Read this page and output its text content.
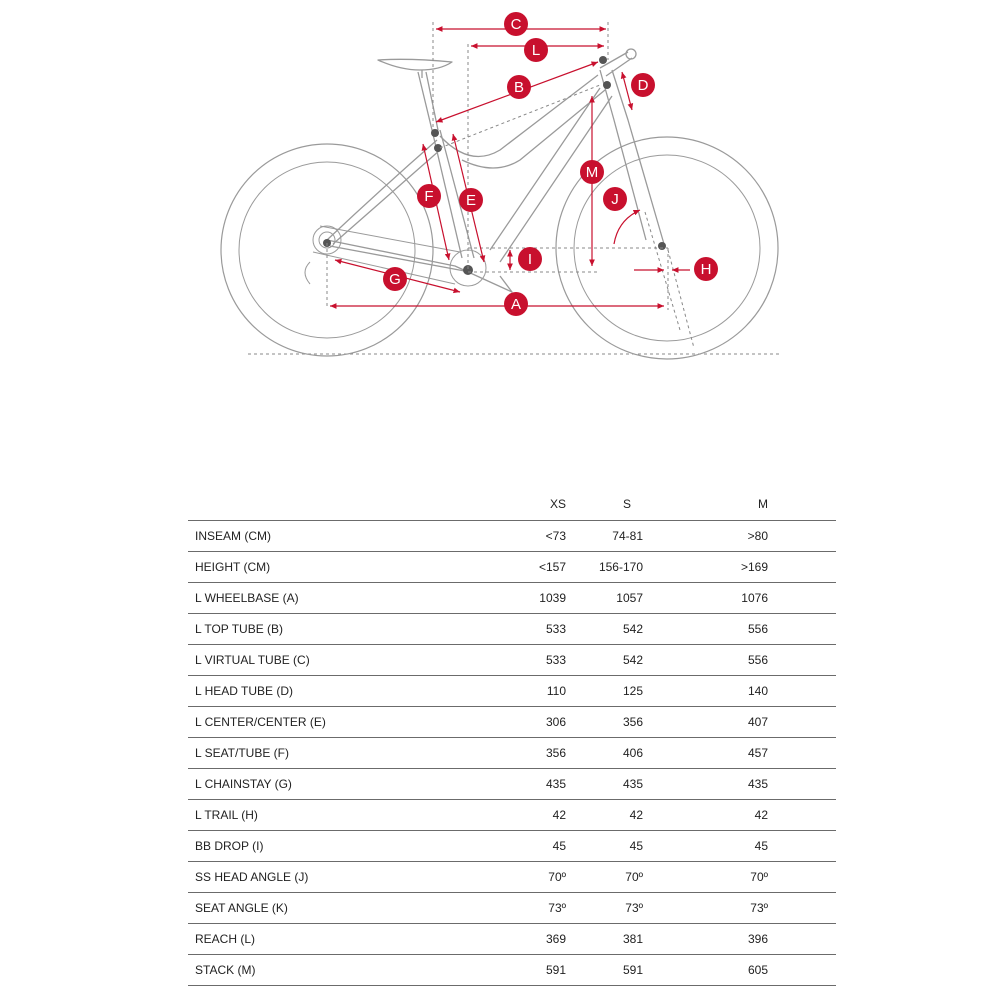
C
L
B	D
M
J
F E
I
H
G
A
	XS	S	M	
INSEAM (CM)	<73	74-81	>80	
HEIGHT (CM)	<157	156-170	>169	
L WHEELBASE (A)	1039	1057	1076	
L TOP TUBE (B)	533	542	556	
L VIRTUAL TUBE (C)	533	542	556	
L HEAD TUBE (D)	110	125	140	
L CENTER/CENTER (E)	306	356	407	
L SEAT/TUBE (F)	356	406	457	
L CHAINSTAY (G)	435	435	435	
L TRAIL (H)	42	42	42	
BB DROP (I)	45	45	45	
SS HEAD ANGLE (J)	70º	70º	70º	
SEAT ANGLE (K)	73º	73º	73º	
REACH (L)	369	381	396	
STACK (M)	591	591	605	
